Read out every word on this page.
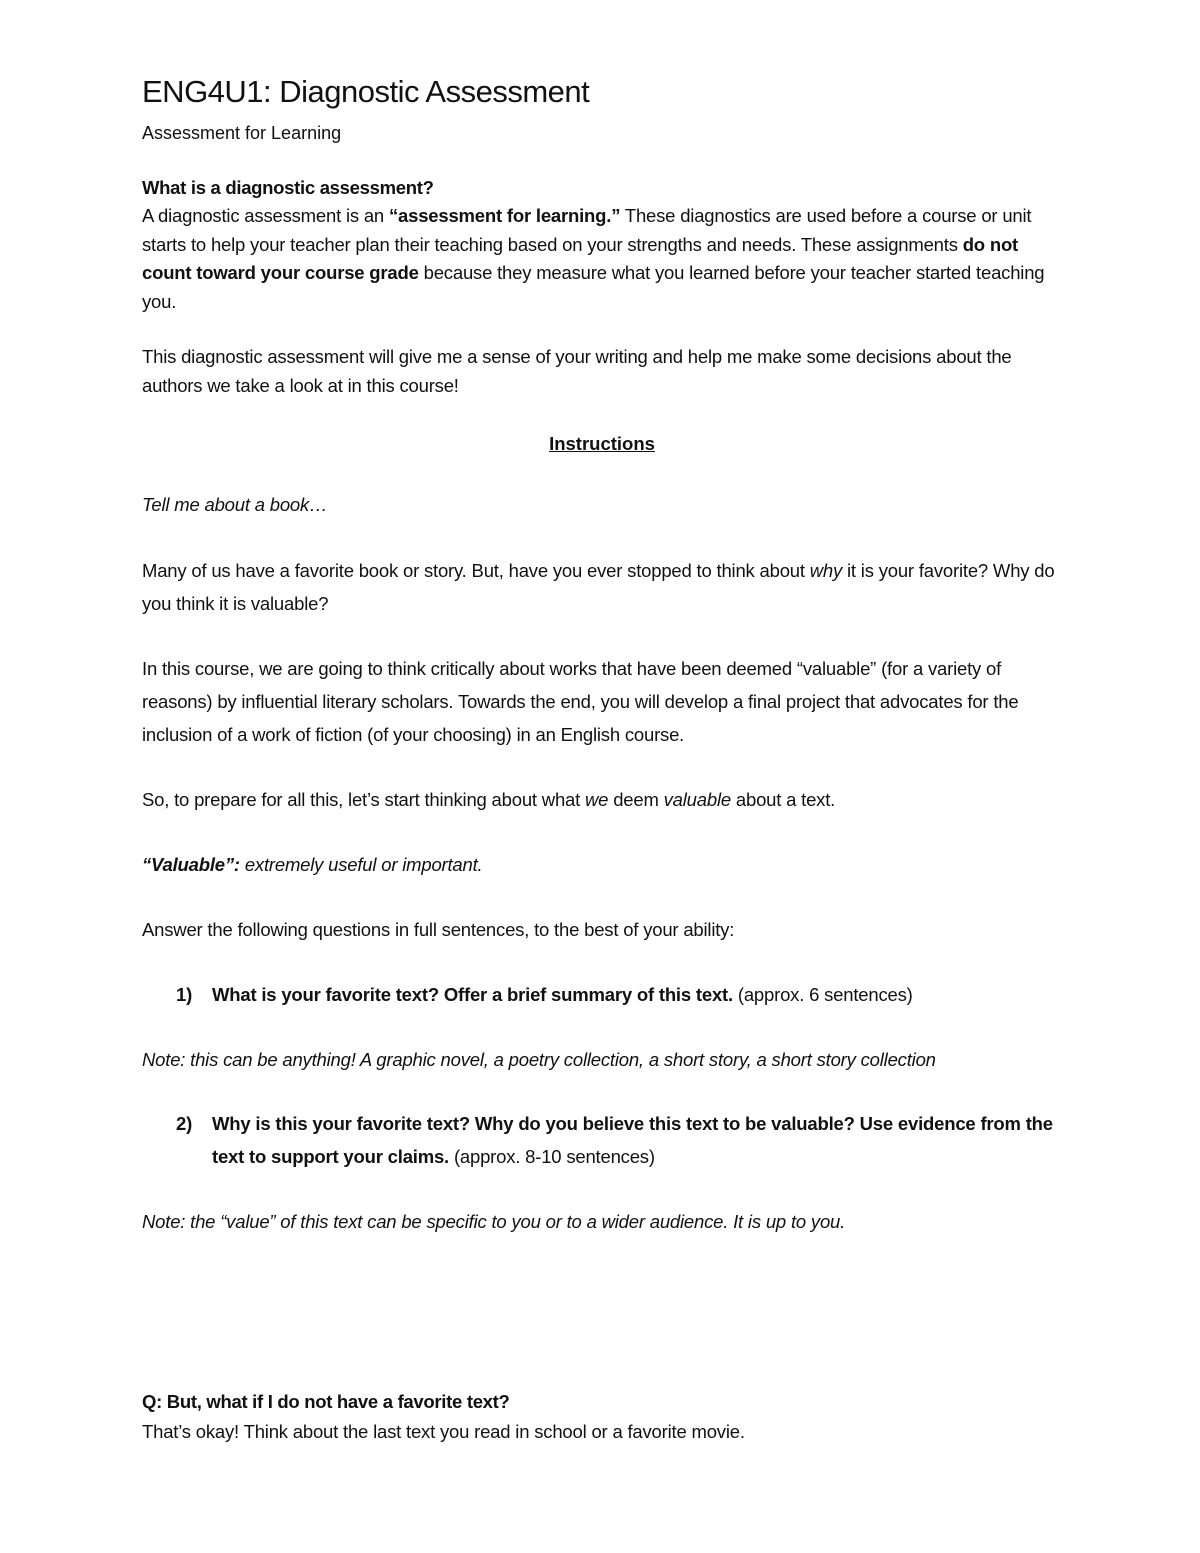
ENG4U1: Diagnostic Assessment

Assessment for Learning

What is a diagnostic assessment?

A diagnostic assessment is an “assessment for learning.” These diagnostics are used before a course or unit starts to help your teacher plan their teaching based on your strengths and needs. These assignments do not count toward your course grade because they measure what you learned before your teacher started teaching you.

This diagnostic assessment will give me a sense of your writing and help me make some decisions about the authors we take a look at in this course!

Instructions

Tell me about a book…

Many of us have a favorite book or story. But, have you ever stopped to think about why it is your favorite? Why do you think it is valuable?

In this course, we are going to think critically about works that have been deemed “valuable” (for a variety of reasons) by influential literary scholars. Towards the end, you will develop a final project that advocates for the inclusion of a work of fiction (of your choosing) in an English course.

So, to prepare for all this, let’s start thinking about what we deem valuable about a text.

“Valuable”: extremely useful or important.

Answer the following questions in full sentences, to the best of your ability:

1)	What is your favorite text? Offer a brief summary of this text. (approx. 6 sentences)

Note: this can be anything! A graphic novel, a poetry collection, a short story, a short story collection

2)	Why is this your favorite text? Why do you believe this text to be valuable? Use evidence from the text to support your claims. (approx. 8-10 sentences)

Note: the “value” of this text can be specific to you or to a wider audience. It is up to you.

Q: But, what if I do not have a favorite text?

That’s okay! Think about the last text you read in school or a favorite movie.
